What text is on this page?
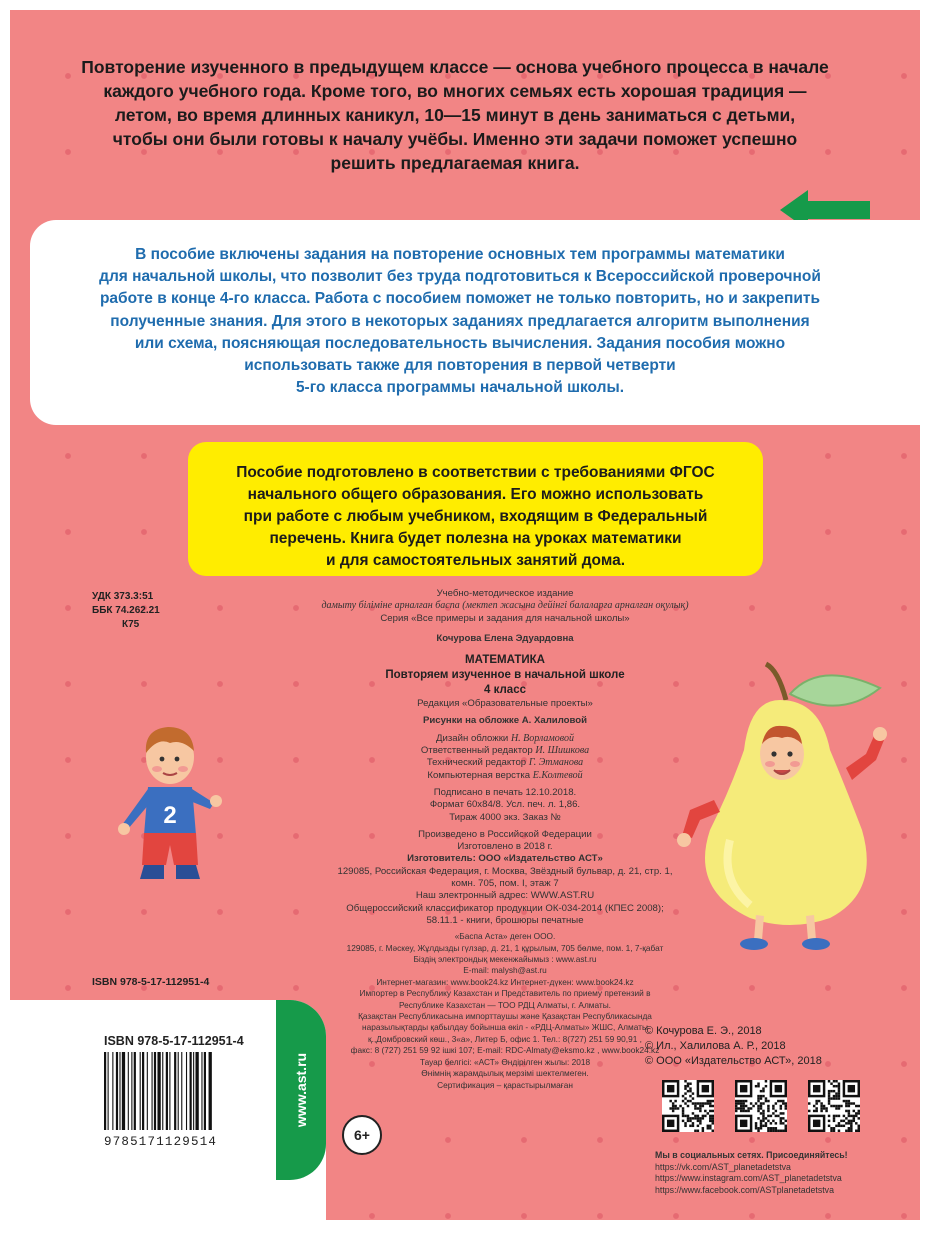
Повторение изученного в предыдущем классе — основа учебного процесса в начале
каждого учебного года. Кроме того, во многих семьях есть хорошая традиция —
летом, во время длинных каникул, 10—15 минут в день заниматься с детьми,
чтобы они были готовы к началу учёбы. Именно эти задачи поможет успешно
решить предлагаемая книга.
В пособие включены задания на повторение основных тем программы математики
для начальной школы, что позволит без труда подготовиться к Всероссийской проверочной
работе в конце 4-го класса. Работа с пособием поможет не только повторить, но и закрепить
полученные знания. Для этого в некоторых заданиях предлагается алгоритм выполнения
или схема, поясняющая последовательность вычисления. Задания пособия можно
использовать также для повторения в первой четверти
5-го класса программы начальной школы.
Пособие подготовлено в соответствии с требованиями ФГОС
начального общего образования. Его можно использовать
при работе с любым учебником, входящим в Федеральный
перечень. Книга будет полезна на уроках математики
и для самостоятельных занятий дома.
УДК 373.3:51
ББК 74.262.21
К75
Учебно-методическое издание
дамыту біліміне арналған баспа (мектеп жасына дейінгі балаларға арналған оқулық)
Серия «Все примеры и задания для начальной школы»
Кочурова Елена Эдуардовна
МАТЕМАТИКА
Повторяем изученное в начальной школе
4 класс
Редакция «Образовательные проекты»
Рисунки на обложке А. Халиловой
Дизайн обложки Н. Ворламовой
Ответственный редактор И. Шишкова
Технический редактор Г. Этманова
Компьютерная верстка Е.Колтевой
Подписано в печать 12.10.2018.
Формат 60х84/8. Усл. печ. л. 1,86.
Тираж 4000 экз. Заказ №
Произведено в Российской Федерации
Изготовлено в 2018 г.
Изготовитель: ООО «Издательство АСТ»
129085, Российская Федерация, г. Москва, Звёздный бульвар, д. 21, стр. 1,
комн. 705, пом. I, этаж 7
Наш электронный адрес: WWW.AST.RU
Общероссийский классификатор продукции ОК-034-2014 (КПЕС 2008);
58.11.1 - книги, брошюры печатные
«Баспа Аста» деген ООО.
129085, г. Мәскеу, Жұлдызды гүлзар, д. 21, 1 құрылым, 705 бөлме, пом. 1, 7-қабат
Біздің электрондық мекенжайымыз : www.ast.ru
E-mail: malysh@ast.ru
Интернет-магазин: www.book24.kz Интернет-дүкен: www.book24.kz
Импортер в Республику Казахстан и Представитель по приему претензий в
Республике Казахстан — ТОО РДЦ Алматы, г. Алматы.
Қазақстан Республикасына импорттаушы және Қазақстан Республикасында
наразылықтарды қабылдау бойынша өкіл - «РДЦ-Алматы» ЖШС, Алматы
қ.,Домбровский көш., 3«а», Литер Б, офис 1. Тел.: 8(727) 251 59 90,91 ,
факс: 8 (727) 251 59 92 ішкі 107; E-mail: RDC-Almaty@eksmo.kz , www.book24.kz
Тауар белгісі: «АСТ» Өндірілген жылы: 2018
Өнімнің жарамдылық мерзімі шектелмеген.
Сертификация – қарастырылмаған
ISBN 978-5-17-112951-4
2
www.ast.ru
ISBN 978-5-17-112951-4
9785171129514	6+
© Кочурова Е. Э., 2018
© Ил., Халилова А. Р., 2018
© ООО «Издательство АСТ», 2018
Мы в социальных сетях. Присоединяйтесь!
https://vk.com/AST_planetadetstva
https://www.instagram.com/AST_planetadetstva
https://www.facebook.com/ASTplanetadetstva
